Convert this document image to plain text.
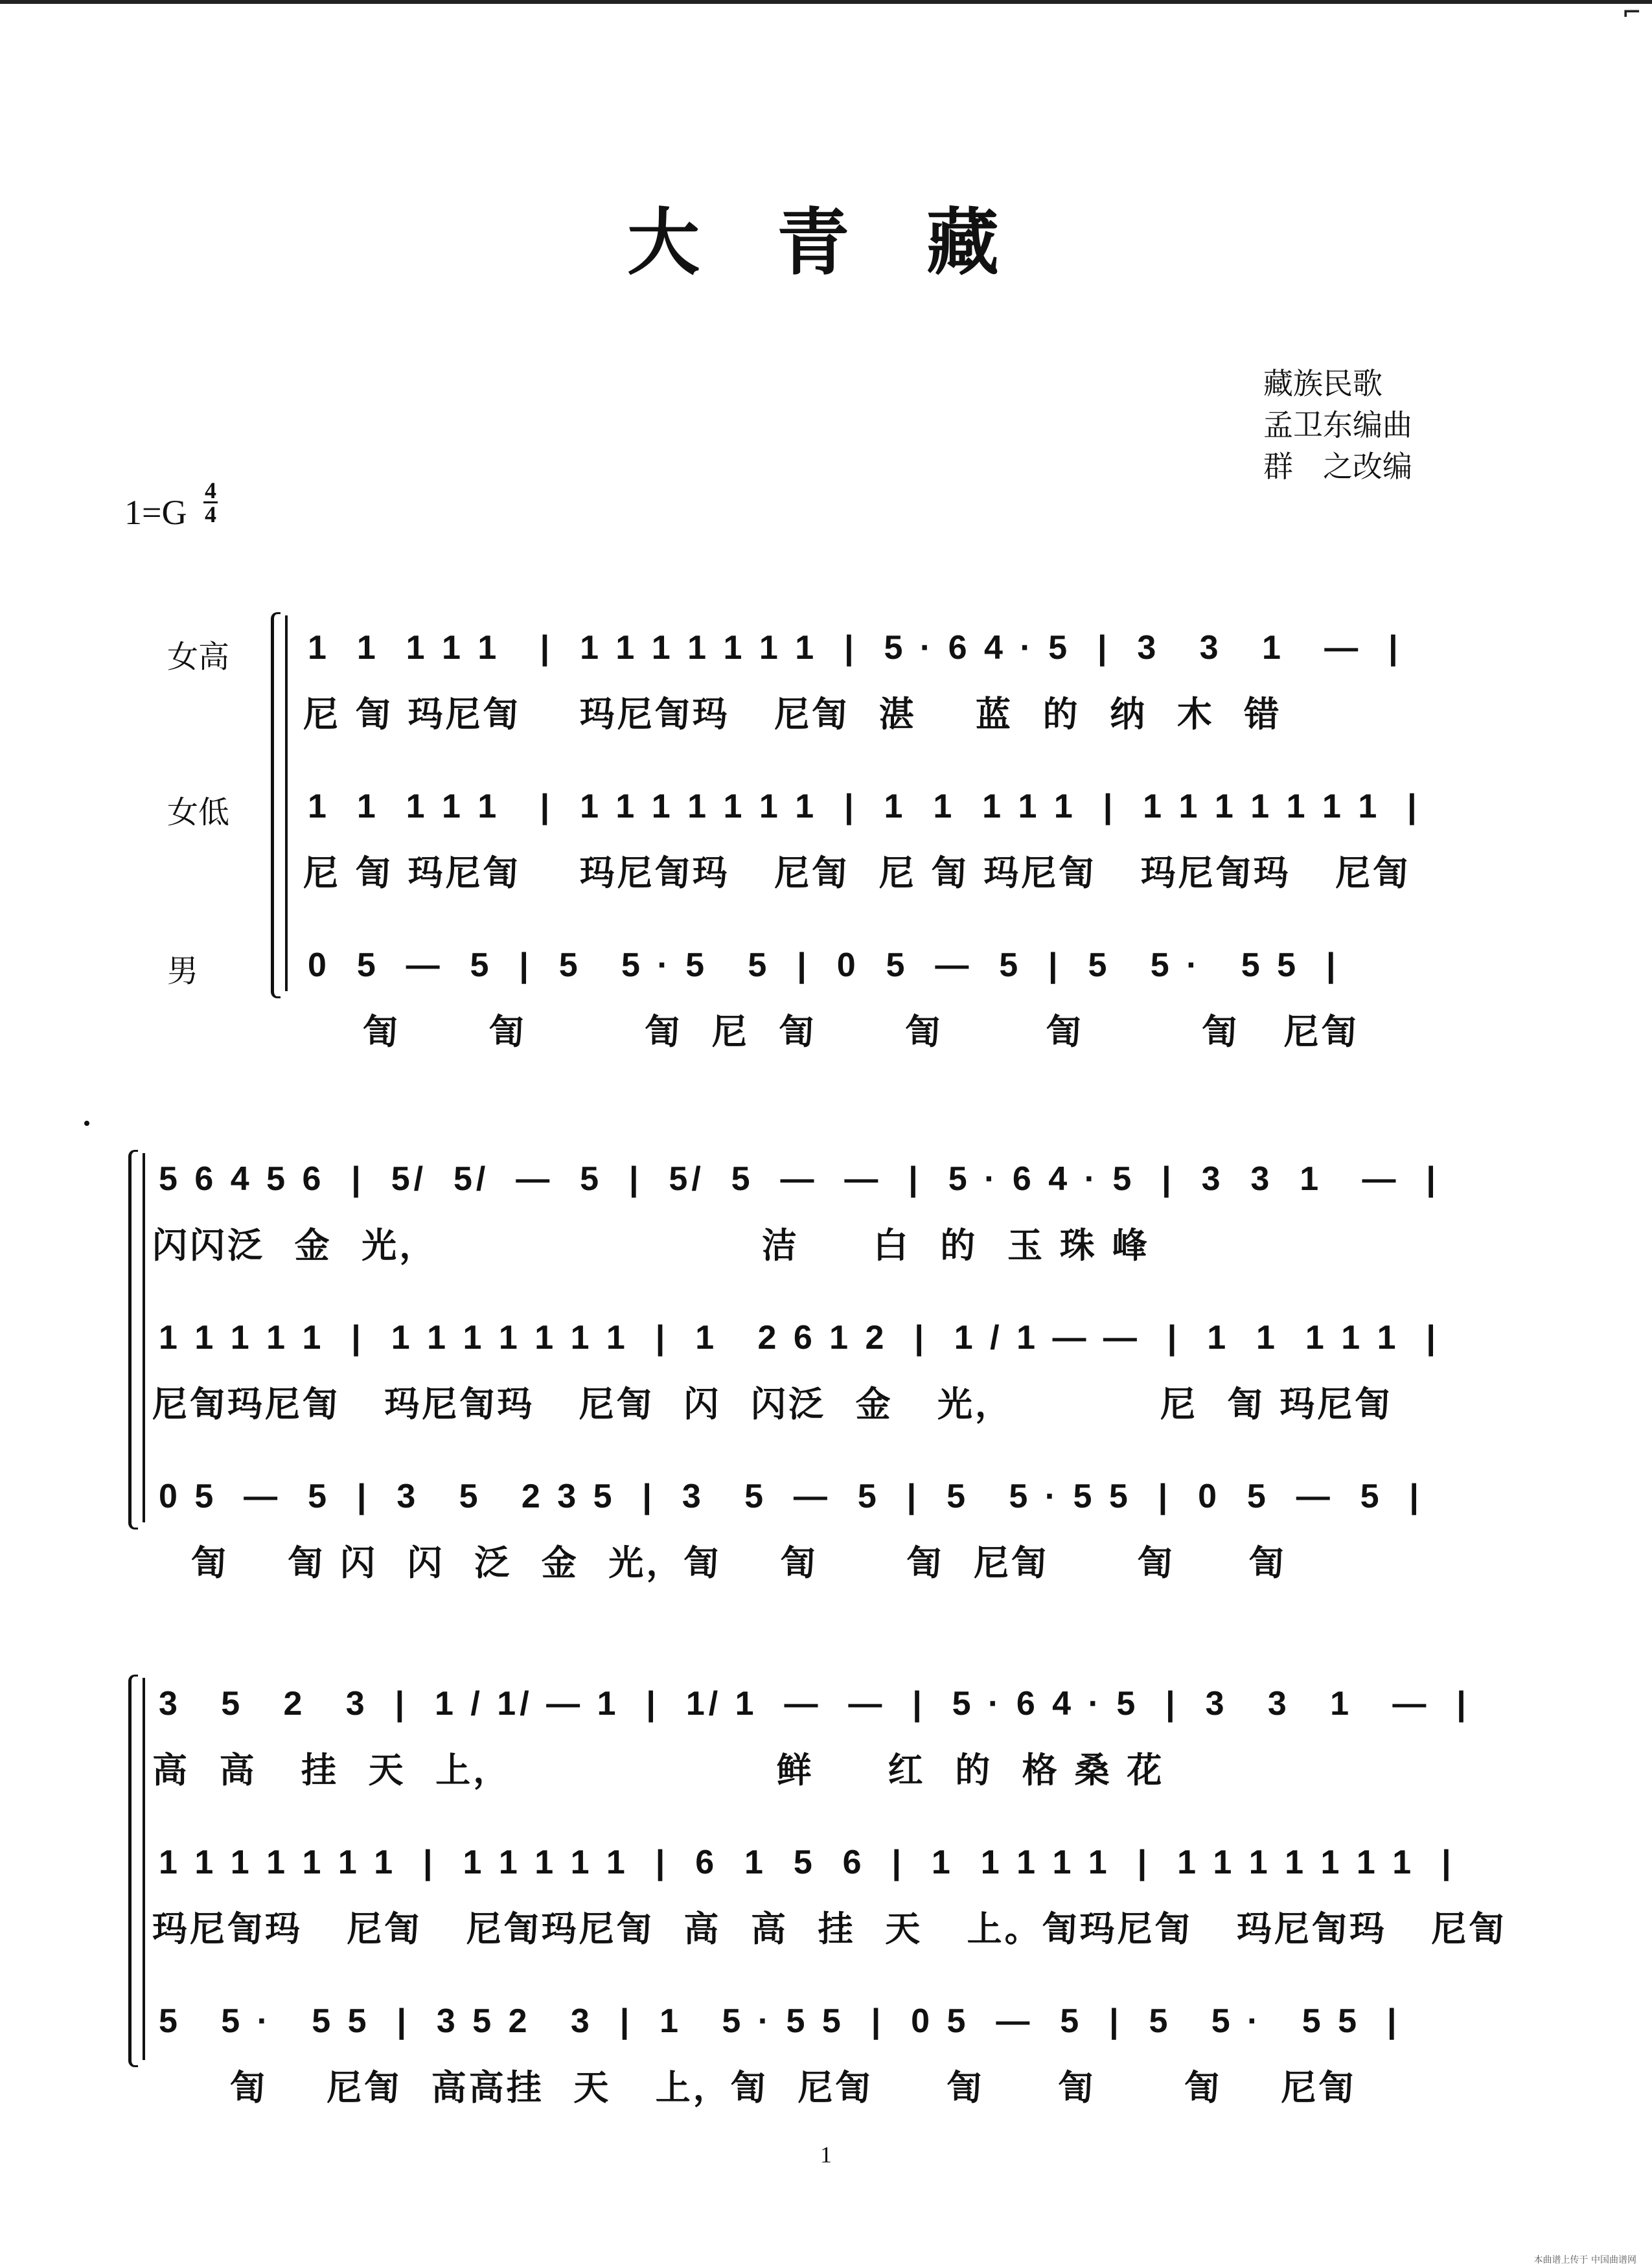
⌐
大 青 藏
藏族民歌
孟卫东编曲
群　之改编
1=G
4
4
女高
女低
男
1  1  1 1 1   |  1 1 1 1 1 1 1  |  5 · 6 4 · 5  |  3   3   1   —  |
尼 訇 玛尼訇    玛尼訇玛   尼訇  湛    蓝  的  纳  木  错
1  1  1 1 1   |  1 1 1 1 1 1 1  |  1  1  1 1 1  |  1 1 1 1 1 1 1  |
尼 訇 玛尼訇    玛尼訇玛   尼訇  尼 訇 玛尼訇   玛尼訇玛   尼訇
0  5  —  5  |  5   5 · 5   5  |  0  5  —  5  |  5   5 ·   5 5  |
訇      訇        訇  尼  訇      訇       訇        訇   尼訇
5 6 4 5 6  |  5/  5/  —  5  |  5/  5  —  —  |  5 · 6 4 · 5  |  3  3  1   —  |
闪闪泛  金  光，                      洁     白  的  玉 珠 峰
1 1 1 1 1  |  1 1 1 1 1 1 1  |  1   2 6 1 2  |  1 / 1 — —  |  1  1  1 1 1  |
尼訇玛尼訇   玛尼訇玛   尼訇  闪  闪泛  金   光，          尼  訇 玛尼訇
0 5  —  5  |  3   5   2 3 5  |  3   5  —  5  |  5   5 · 5 5  |  0  5  —  5  |
訇    訇 闪  闪  泛  金  光，訇    訇      訇  尼訇      訇     訇
3   5   2   3  |  1 / 1/ — 1  |  1/ 1  —  —  |  5 · 6 4 · 5  |  3   3   1   —  |
高  高   挂  天  上，                  鲜     红  的  格 桑 花
1 1 1 1 1 1 1  |  1 1 1 1 1  |  6  1  5  6  |  1  1 1 1 1  |  1 1 1 1 1 1 1  |
玛尼訇玛   尼訇   尼訇玛尼訇  高  高  挂  天   上。訇玛尼訇   玛尼訇玛   尼訇
5   5 ·   5 5  |  3 5 2   3  |  1   5 · 5 5  |  0 5  —  5  |  5   5 ·   5 5  |
訇    尼訇  高高挂  天   上，訇  尼訇     訇     訇      訇    尼訇
1
本曲谱上传于 中国曲谱网
